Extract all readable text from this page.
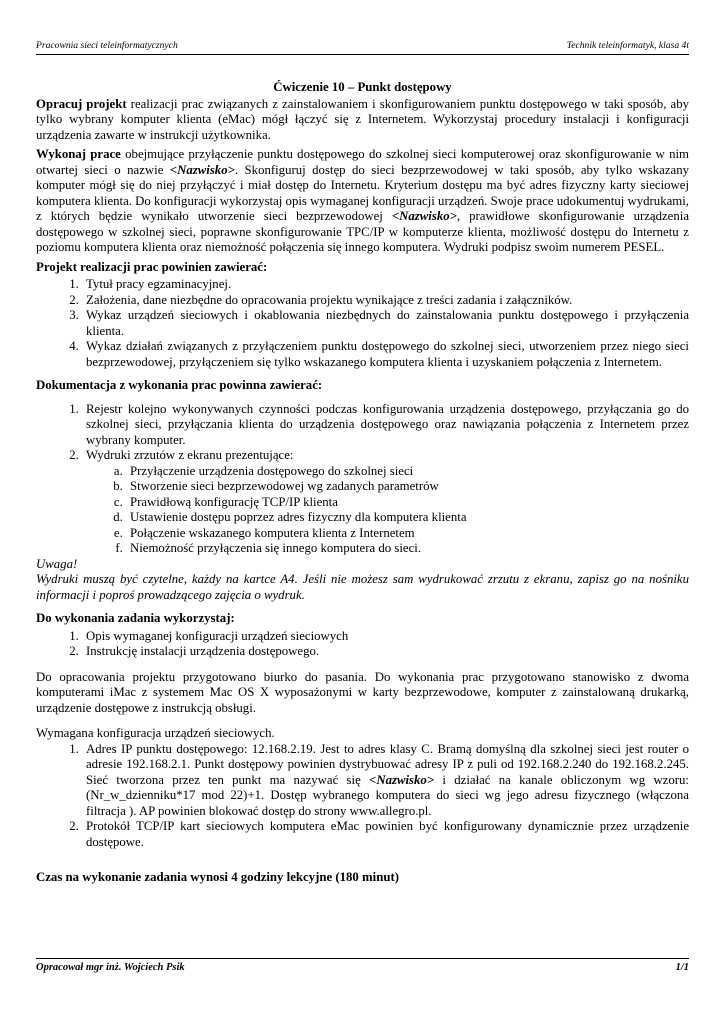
Pracownia sieci teleinformatycznych	Technik teleinformatyk, klasa 4t
Ćwiczenie 10 – Punkt dostępowy

Opracuj projekt realizacji prac związanych z zainstalowaniem i skonfigurowaniem punktu dostępowego w taki sposób, aby tylko wybrany komputer klienta (eMac) mógł łączyć się z Internetem. Wykorzystaj procedury instalacji i konfiguracji urządzenia zawarte w instrukcji użytkownika.

Wykonaj prace obejmujące przyłączenie punktu dostępowego do szkolnej sieci komputerowej oraz skonfigurowanie w nim otwartej sieci o nazwie <Nazwisko>. Skonfiguruj dostęp do sieci bezprzewodowej w taki sposób, aby tylko wskazany komputer mógł się do niej przyłączyć i miał dostęp do Internetu. Kryterium dostępu ma być adres fizyczny karty sieciowej komputera klienta. Do konfiguracji wykorzystaj opis wymaganej konfiguracji urządzeń. Swoje prace udokumentuj wydrukami, z których będzie wynikało utworzenie sieci bezprzewodowej <Nazwisko>, prawidłowe skonfigurowanie urządzenia dostępowego w szkolnej sieci, poprawne skonfigurowanie TPC/IP w komputerze klienta, możliwość dostępu do Internetu z poziomu komputera klienta oraz niemożność połączenia się innego komputera. Wydruki podpisz swoim numerem PESEL.

Projekt realizacji prac powinien zawierać:
1. Tytuł pracy egzaminacyjnej.
2. Założenia, dane niezbędne do opracowania projektu wynikające z treści zadania i załączników.
3. Wykaz urządzeń sieciowych i okablowania niezbędnych do zainstalowania punktu dostępowego i przyłączenia klienta.
4. Wykaz działań związanych z przyłączeniem punktu dostępowego do szkolnej sieci, utworzeniem przez niego sieci bezprzewodowej, przyłączeniem się tylko wskazanego komputera klienta i uzyskaniem połączenia z Internetem.
Dokumentacja z wykonania prac powinna zawierać:
1. Rejestr kolejno wykonywanych czynności podczas konfigurowania urządzenia dostępowego, przyłączania go do szkolnej sieci, przyłączania klienta do urządzenia dostępowego oraz nawiązania połączenia z Internetem przez wybrany komputer.
2. Wydruki zrzutów z ekranu prezentujące:
a. Przyłączenie urządzenia dostępowego do szkolnej sieci
b. Stworzenie sieci bezprzewodowej wg zadanych parametrów
c. Prawidłową konfigurację TCP/IP klienta
d. Ustawienie dostępu poprzez adres fizyczny dla komputera klienta
e. Połączenie wskazanego komputera klienta z Internetem
f. Niemożność przyłączenia się innego komputera do sieci.
Uwaga!
Wydruki muszą być czytelne, każdy na kartce A4. Jeśli nie możesz sam wydrukować zrzutu z ekranu, zapisz go na nośniku informacji i poproś prowadzącego zajęcia o wydruk.
Do wykonania zadania wykorzystaj:
1. Opis wymaganej konfiguracji urządzeń sieciowych
2. Instrukcję instalacji urządzenia dostępowego.

Do opracowania projektu przygotowano biurko do pasania. Do wykonania prac przygotowano stanowisko z dwoma komputerami iMac z systemem Mac OS X wyposażonymi w karty bezprzewodowe, komputer z zainstalowaną drukarką, urządzenie dostępowe z instrukcją obsługi.

Wymagana konfiguracja urządzeń sieciowych.
1. Adres IP punktu dostępowego: 12.168.2.19. Jest to adres klasy C. Bramą domyślną dla szkolnej sieci jest router o adresie 192.168.2.1. Punkt dostępowy powinien dystrybuować adresy IP z puli od 192.168.2.240 do 192.168.2.245. Sieć tworzona przez ten punkt ma nazywać się <Nazwisko> i działać na kanale obliczonym wg wzoru: (Nr_w_dzienniku*17 mod 22)+1. Dostęp wybranego komputera do sieci wg jego adresu fizycznego (włączona filtracja ). AP powinien blokować dostęp do strony www.allegro.pl.
2. Protokół TCP/IP kart sieciowych komputera eMac powinien być konfigurowany dynamicznie przez urządzenie dostępowe.
Czas na wykonanie zadania wynosi 4 godziny lekcyjne (180 minut)
Opracował mgr inż. Wojciech Psik	1/1
